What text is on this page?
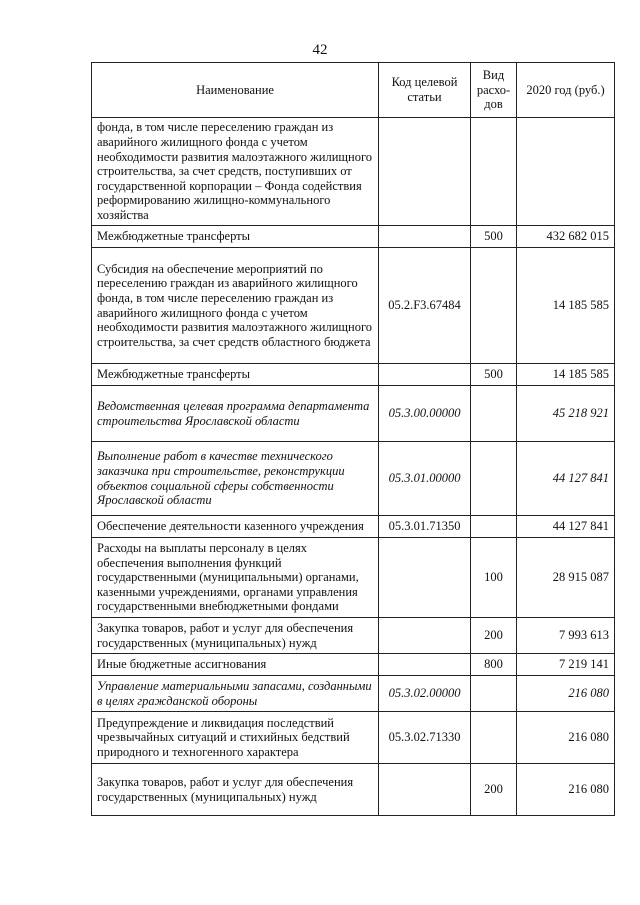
42
Наименование	Код целевой статьи	Вид расхо-дов	2020 год (руб.)
фонда, в том числе переселению граждан из аварийного жилищного фонда с учетом необходимости развития малоэтажного жилищного строительства, за счет средств, поступивших от государственной корпорации – Фонда содействия реформированию жилищно-коммунального хозяйства			
Межбюджетные трансферты		500	432 682 015
Субсидия на обеспечение мероприятий по переселению граждан из аварийного жилищного фонда, в том числе переселению граждан из аварийного жилищного фонда с учетом необходимости развития малоэтажного жилищного строительства, за счет средств областного бюджета	05.2.F3.67484		14 185 585
Межбюджетные трансферты		500	14 185 585
Ведомственная целевая программа департамента строительства Ярославской области	05.3.00.00000		45 218 921
Выполнение работ в качестве технического заказчика при строительстве, реконструкции объектов социальной сферы собственности Ярославской области	05.3.01.00000		44 127 841
Обеспечение деятельности казенного учреждения	05.3.01.71350		44 127 841
Расходы на выплаты персоналу в целях обеспечения выполнения функций государственными (муниципальными) органами, казенными учреждениями, органами управления государственными внебюджетными фондами		100	28 915 087
Закупка товаров, работ и услуг для обеспечения государственных (муниципальных) нужд		200	7 993 613
Иные бюджетные ассигнования		800	7 219 141
Управление материальными запасами, созданными в целях гражданской обороны	05.3.02.00000		216 080
Предупреждение и ликвидация последствий чрезвычайных ситуаций и стихийных бедствий природного и техногенного характера	05.3.02.71330		216 080
Закупка товаров, работ и услуг для обеспечения государственных (муниципальных) нужд		200	216 080
